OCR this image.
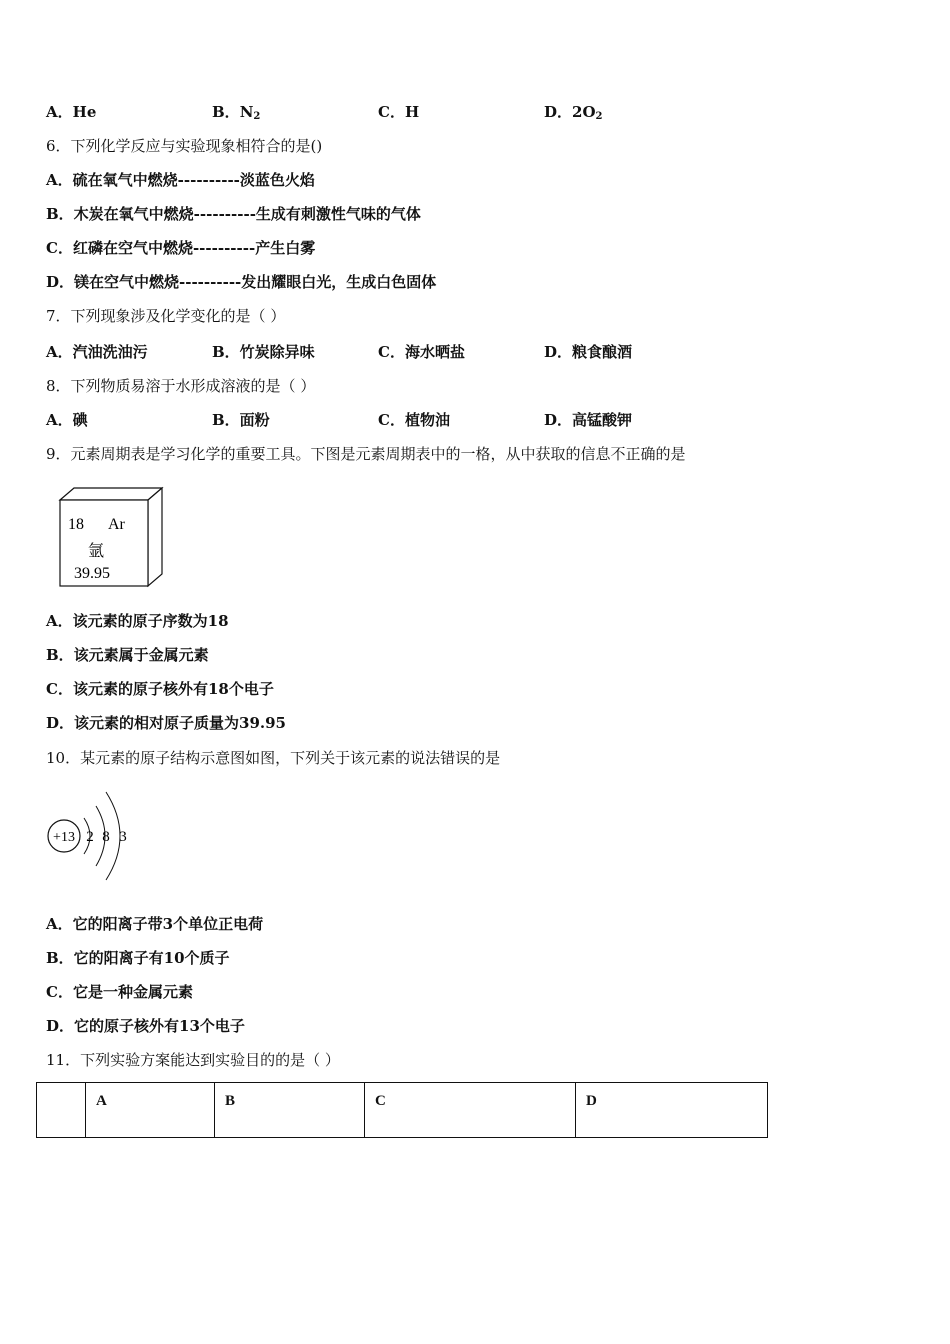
A．He	B．$N_2$	C．H	D．$2O_2$
6．下列化学反应与实验现象相符合的是()
A．硫在氧气中燃烧----------淡蓝色火焰
B．木炭在氧气中燃烧----------生成有刺激性气味的气体
C．红磷在空气中燃烧----------产生白雾
D．镁在空气中燃烧----------发出耀眼白光，生成白色固体
7．下列现象涉及化学变化的是（ ）
A．汽油洗油污	B．竹炭除异味	C．海水晒盐	D．粮食酿酒
8．下列物质易溶于水形成溶液的是（ ）
A．碘	B．面粉	C．植物油	D．高锰酸钾
9．元素周期表是学习化学的重要工具。下图是元素周期表中的一格，从中获取的信息不正确的是
18 Ar
氩
39.95
A．该元素的原子序数为18
B．该元素属于金属元素
C．该元素的原子核外有18个电子
D．该元素的相对原子质量为39.95
10．某元素的原子结构示意图如图，下列关于该元素的说法错误的是
+13 2 8 3
A．它的阳离子带3个单位正电荷
B．它的阳离子有10个质子
C．它是一种金属元素
D．它的原子核外有13个电子
11．下列实验方案能达到实验目的的是（ ）
	A	B	C	D
